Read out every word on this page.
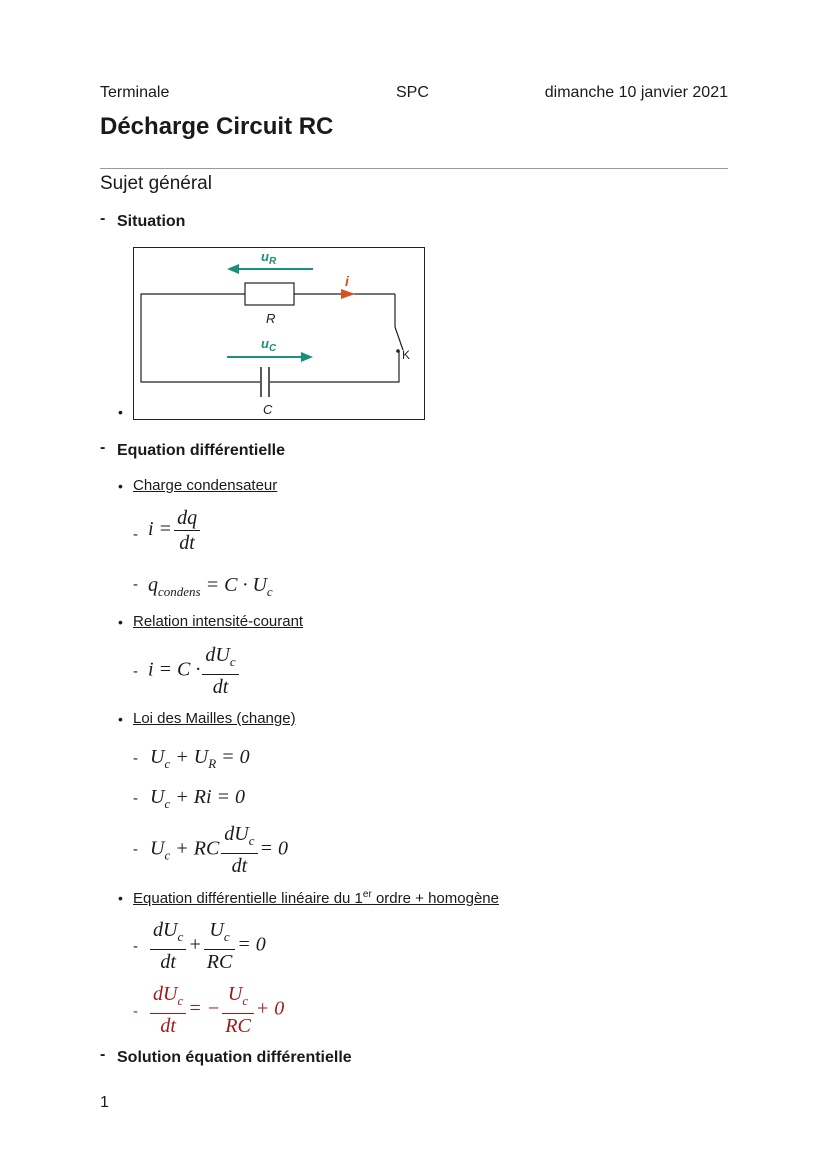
Terminale	SPC	dimanche 10 janvier 2021
Décharge Circuit RC
Sujet général
- Situation
•
$u_R$
i
R
$u_C$	K
C
- Equation différentielle
• Charge condensateur
- $i = \frac{dq}{dt}$
- $q_{condens} = C \cdot U_c$
• Relation intensité-courant
- $i = C \cdot \frac{dU_c}{dt}$
• Loi des Mailles (change)
- $U_c + U_R = 0$
- $U_c + Ri = 0$
- $U_c$ + RC $\frac{dU_c}{dt} = 0$
• Equation différentielle linéaire du 1er ordre + homogène
- $\frac{dU_c}{dt} + \frac{U_c}{RC} = 0$
- $\frac{dU_c}{dt}$ = − $\frac{U_c}{RC} + 0$
- Solution équation différentielle
1
